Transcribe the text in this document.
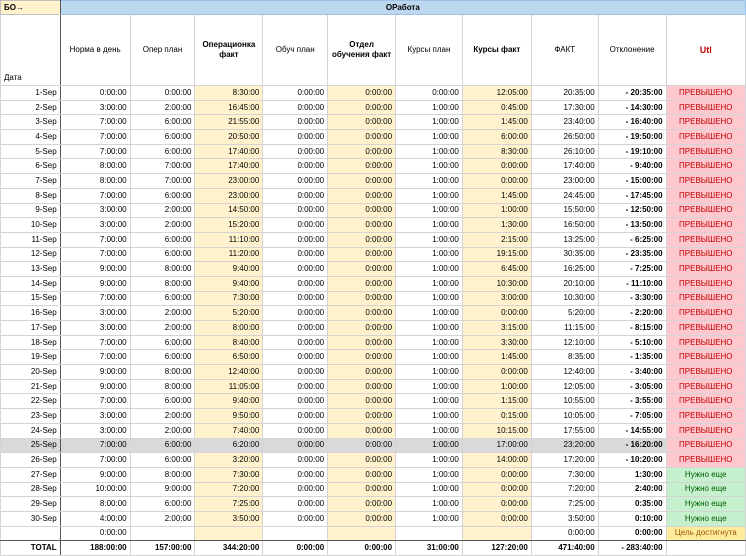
БО→	ОРабота									
Дата	Норма в день	Опер план	Операционка факт	Обуч план	Отдел обучения факт	Курсы план	Курсы факт	ФАКТ	Отклонение	Utl
1-Sep	0:00:00	0:00:00	8:30:00	0:00:00	0:00:00	0:00:00	12:05:00	20:35:00	- 20:35:00	ПРЕВЫШЕНО
2-Sep	3:00:00	2:00:00	16:45:00	0:00:00	0:00:00	1:00:00	0:45:00	17:30:00	- 14:30:00	ПРЕВЫШЕНО
3-Sep	7:00:00	6:00:00	21:55:00	0:00:00	0:00:00	1:00:00	1:45:00	23:40:00	- 16:40:00	ПРЕВЫШЕНО
4-Sep	7:00:00	6:00:00	20:50:00	0:00:00	0:00:00	1:00:00	6:00:00	26:50:00	- 19:50:00	ПРЕВЫШЕНО
5-Sep	7:00:00	6:00:00	17:40:00	0:00:00	0:00:00	1:00:00	8:30:00	26:10:00	- 19:10:00	ПРЕВЫШЕНО
6-Sep	8:00:00	7:00:00	17:40:00	0:00:00	0:00:00	1:00:00	0:00:00	17:40:00	- 9:40:00	ПРЕВЫШЕНО
7-Sep	8:00:00	7:00:00	23:00:00	0:00:00	0:00:00	1:00:00	0:00:00	23:00:00	- 15:00:00	ПРЕВЫШЕНО
8-Sep	7:00:00	6:00:00	23:00:00	0:00:00	0:00:00	1:00:00	1:45:00	24:45:00	- 17:45:00	ПРЕВЫШЕНО
9-Sep	3:00:00	2:00:00	14:50:00	0:00:00	0:00:00	1:00:00	1:00:00	15:50:00	- 12:50:00	ПРЕВЫШЕНО
10-Sep	3:00:00	2:00:00	15:20:00	0:00:00	0:00:00	1:00:00	1:30:00	16:50:00	- 13:50:00	ПРЕВЫШЕНО
11-Sep	7:00:00	6:00:00	11:10:00	0:00:00	0:00:00	1:00:00	2:15:00	13:25:00	- 6:25:00	ПРЕВЫШЕНО
12-Sep	7:00:00	6:00:00	11:20:00	0:00:00	0:00:00	1:00:00	19:15:00	30:35:00	- 23:35:00	ПРЕВЫШЕНО
13-Sep	9:00:00	8:00:00	9:40:00	0:00:00	0:00:00	1:00:00	6:45:00	16:25:00	- 7:25:00	ПРЕВЫШЕНО
14-Sep	9:00:00	8:00:00	9:40:00	0:00:00	0:00:00	1:00:00	10:30:00	20:10:00	- 11:10:00	ПРЕВЫШЕНО
15-Sep	7:00:00	6:00:00	7:30:00	0:00:00	0:00:00	1:00:00	3:00:00	10:30:00	- 3:30:00	ПРЕВЫШЕНО
16-Sep	3:00:00	2:00:00	5:20:00	0:00:00	0:00:00	1:00:00	0:00:00	5:20:00	- 2:20:00	ПРЕВЫШЕНО
17-Sep	3:00:00	2:00:00	8:00:00	0:00:00	0:00:00	1:00:00	3:15:00	11:15:00	- 8:15:00	ПРЕВЫШЕНО
18-Sep	7:00:00	6:00:00	8:40:00	0:00:00	0:00:00	1:00:00	3:30:00	12:10:00	- 5:10:00	ПРЕВЫШЕНО
19-Sep	7:00:00	6:00:00	6:50:00	0:00:00	0:00:00	1:00:00	1:45:00	8:35:00	- 1:35:00	ПРЕВЫШЕНО
20-Sep	9:00:00	8:00:00	12:40:00	0:00:00	0:00:00	1:00:00	0:00:00	12:40:00	- 3:40:00	ПРЕВЫШЕНО
21-Sep	9:00:00	8:00:00	11:05:00	0:00:00	0:00:00	1:00:00	1:00:00	12:05:00	- 3:05:00	ПРЕВЫШЕНО
22-Sep	7:00:00	6:00:00	9:40:00	0:00:00	0:00:00	1:00:00	1:15:00	10:55:00	- 3:55:00	ПРЕВЫШЕНО
23-Sep	3:00:00	2:00:00	9:50:00	0:00:00	0:00:00	1:00:00	0:15:00	10:05:00	- 7:05:00	ПРЕВЫШЕНО
24-Sep	3:00:00	2:00:00	7:40:00	0:00:00	0:00:00	1:00:00	10:15:00	17:55:00	- 14:55:00	ПРЕВЫШЕНО
25-Sep	7:00:00	6:00:00	6:20:00	0:00:00	0:00:00	1:00:00	17:00:00	23:20:00	- 16:20:00	ПРЕВЫШЕНО
26-Sep	7:00:00	6:00:00	3:20:00	0:00:00	0:00:00	1:00:00	14:00:00	17:20:00	- 10:20:00	ПРЕВЫШЕНО
27-Sep	9:00:00	8:00:00	7:30:00	0:00:00	0:00:00	1:00:00	0:00:00	7:30:00	1:30:00	Нужно еще
28-Sep	10:00:00	9:00:00	7:20:00	0:00:00	0:00:00	1:00:00	0:00:00	7:20:00	2:40:00	Нужно еще
29-Sep	8:00:00	6:00:00	7:25:00	0:00:00	0:00:00	1:00:00	0:00:00	7:25:00	0:35:00	Нужно еще
30-Sep	4:00:00	2:00:00	3:50:00	0:00:00	0:00:00	1:00:00	0:00:00	3:50:00	0:10:00	Нужно еще
	0:00:00							0:00:00	0:00:00	Цель достигнута
TOTAL	188:00:00	157:00:00	344:20:00	0:00:00	0:00:00	31:00:00	127:20:00	471:40:00	- 283:40:00	
